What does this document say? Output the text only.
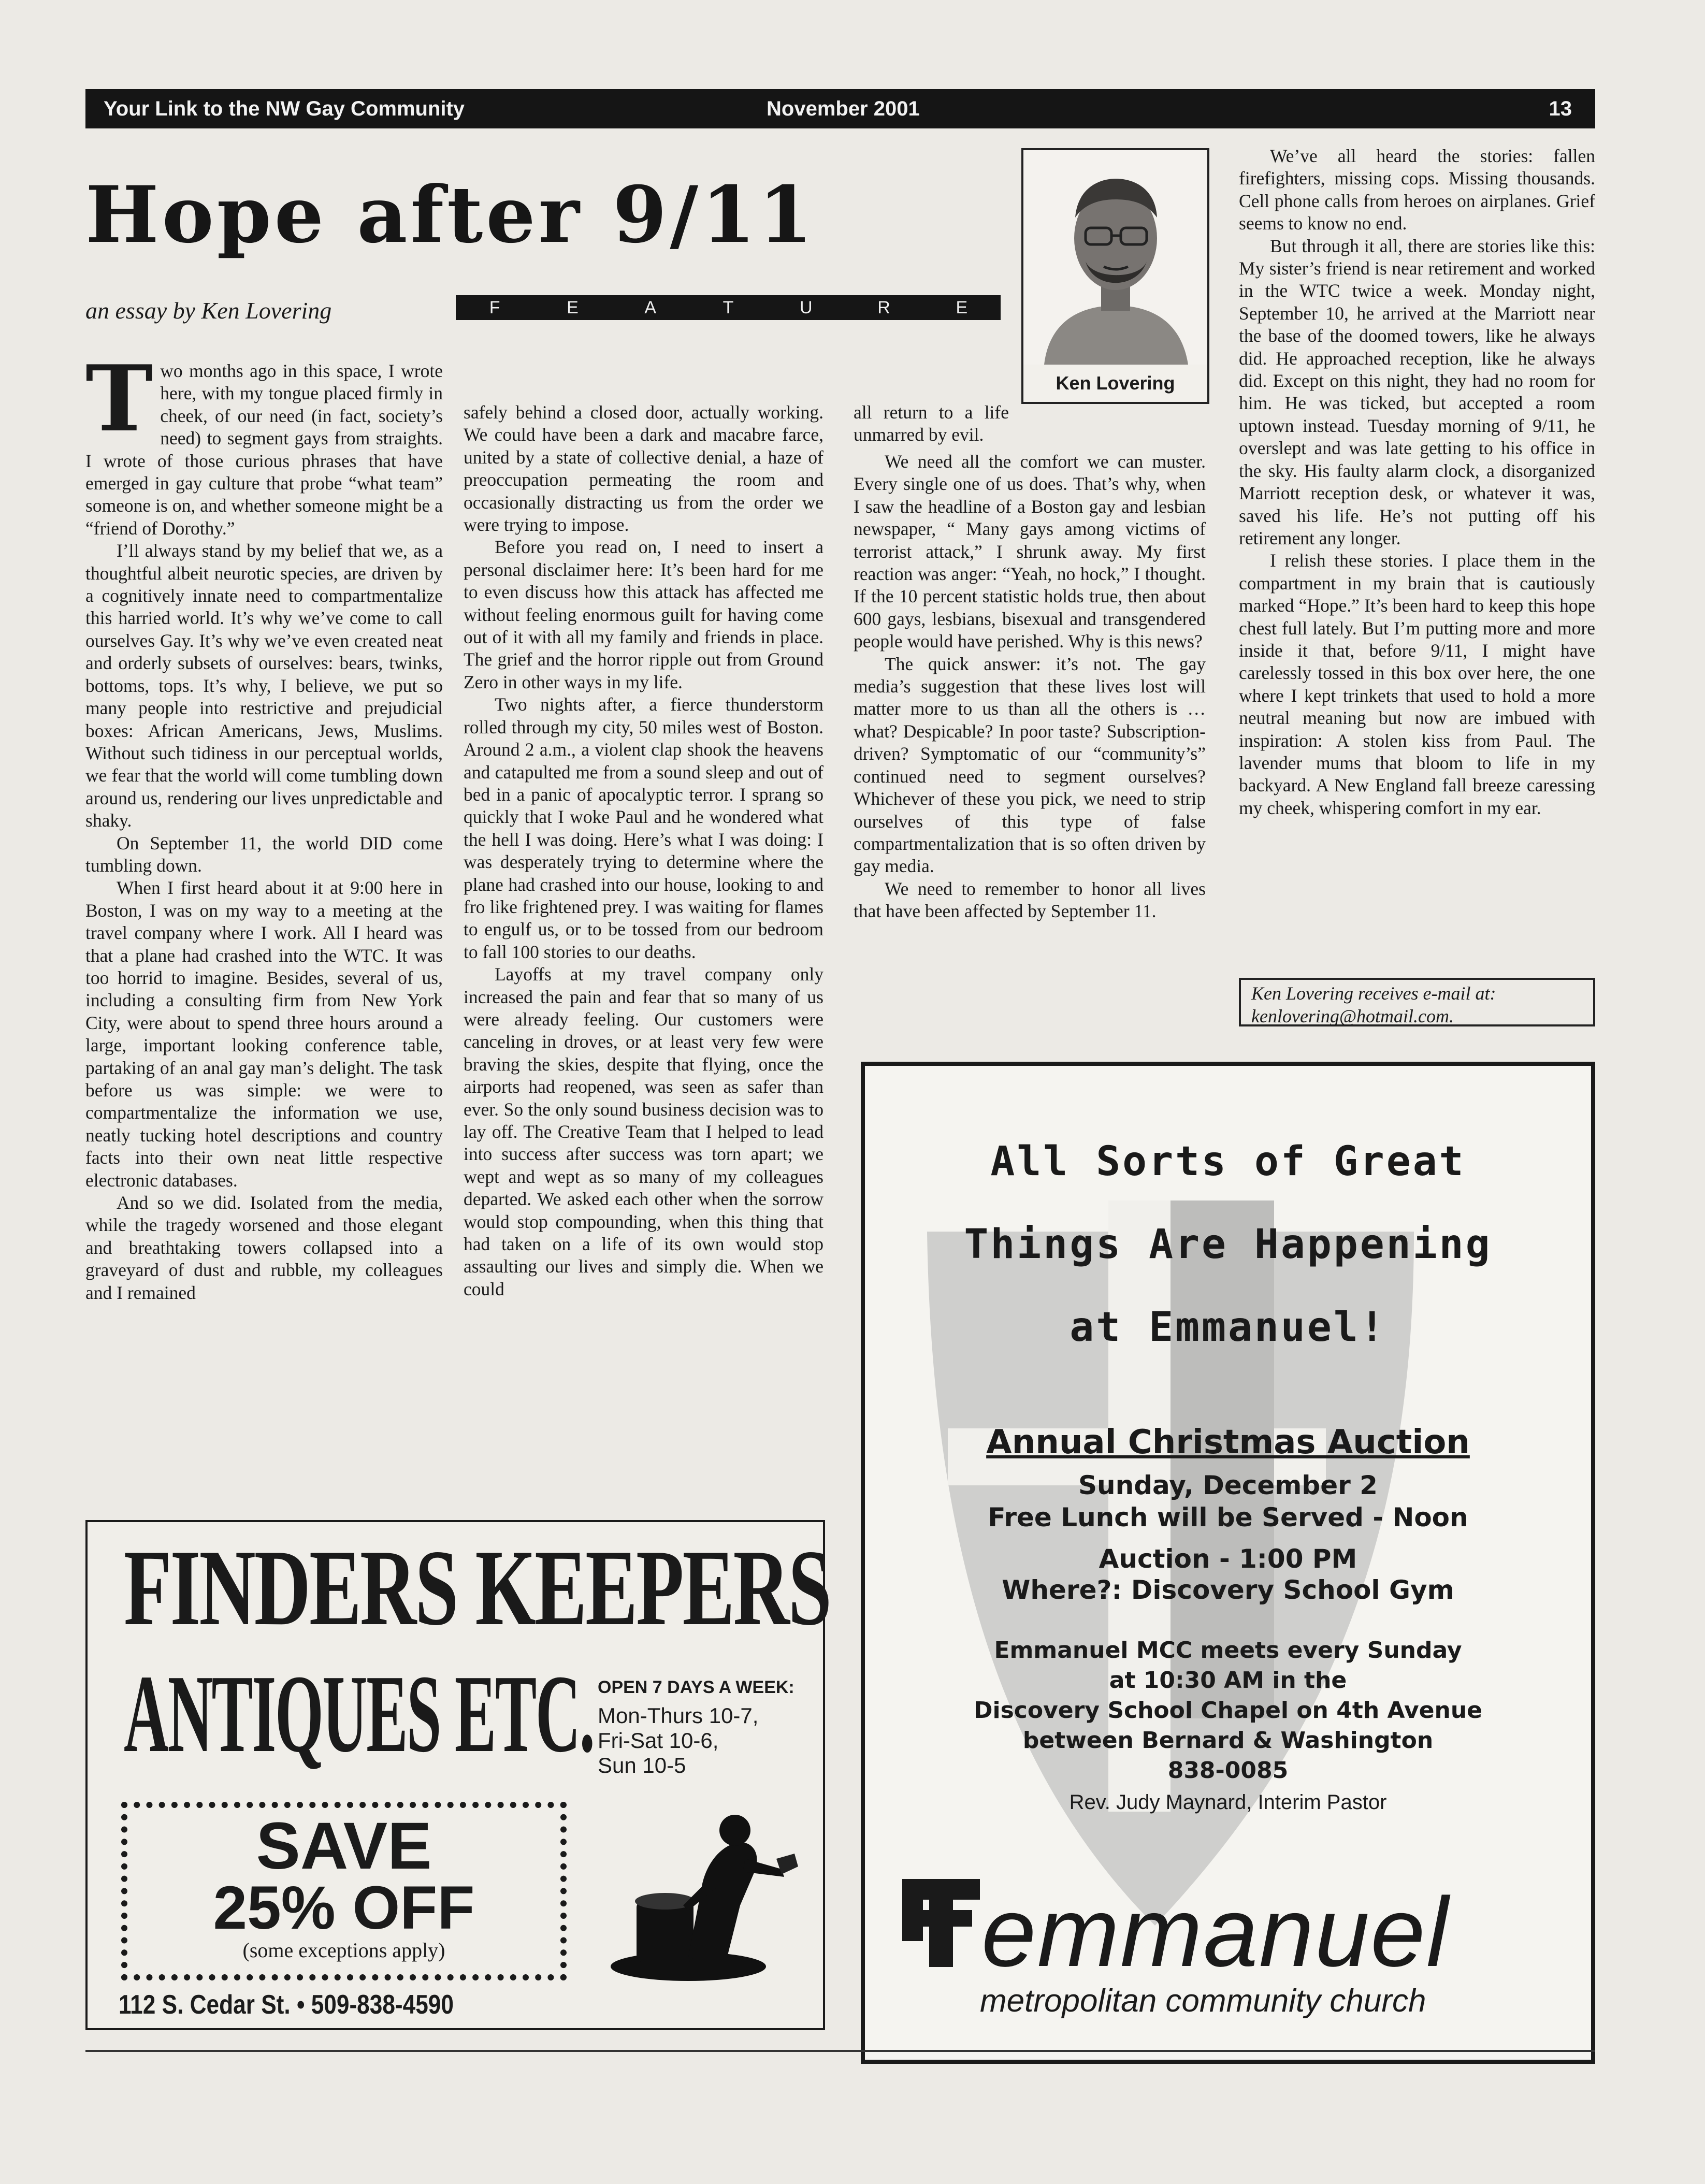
Your Link to the NW Gay Community	November 2001	13
Hope after 9/11
an essay by Ken Lovering	F	E	A	T	U	R	E
Ken Lovering
T wo months ago in this space, I wrote here, with my tongue placed firmly in cheek, of our need (in fact, society’s need) to segment gays from straights. I wrote of those curious phrases that have emerged in gay culture that probe “what team” someone is on, and whether someone might be a “friend of Dorothy.”

I’ll always stand by my belief that we, as a thoughtful albeit neurotic species, are driven by a cognitively innate need to compartmentalize this harried world. It’s why we’ve come to call ourselves Gay. It’s why we’ve even created neat and orderly subsets of ourselves: bears, twinks, bottoms, tops. It’s why, I believe, we put so many people into restrictive and prejudicial boxes: African Americans, Jews, Muslims. Without such tidiness in our perceptual worlds, we fear that the world will come tumbling down around us, rendering our lives unpredictable and shaky.

On September 11, the world DID come tumbling down.

When I first heard about it at 9:00 here in Boston, I was on my way to a meeting at the travel company where I work. All I heard was that a plane had crashed into the WTC. It was too horrid to imagine. Besides, several of us, including a consulting firm from New York City, were about to spend three hours around a large, important looking conference table, partaking of an anal gay man’s delight. The task before us was simple: we were to compartmentalize the information we use, neatly tucking hotel descriptions and country facts into their own neat little respective electronic databases.

And so we did. Isolated from the media, while the tragedy worsened and those elegant and breathtaking towers collapsed into a graveyard of dust and rubble, my colleagues and I remained

safely behind a closed door, actually working. We could have been a dark and macabre farce, united by a state of collective denial, a haze of preoccupation permeating the room and occasionally distracting us from the order we were trying to impose.

Before you read on, I need to insert a personal disclaimer here: It’s been hard for me to even discuss how this attack has affected me without feeling enormous guilt for having come out of it with all my family and friends in place. The grief and the horror ripple out from Ground Zero in other ways in my life.

Two nights after, a fierce thunderstorm rolled through my city, 50 miles west of Boston. Around 2 a.m., a violent clap shook the heavens and catapulted me from a sound sleep and out of bed in a panic of apocalyptic terror. I sprang so quickly that I woke Paul and he wondered what the hell I was doing. Here’s what I was doing: I was desperately trying to determine where the plane had crashed into our house, looking to and fro like frightened prey. I was waiting for flames to engulf us, or to be tossed from our bedroom to fall 100 stories to our deaths.

Layoffs at my travel company only increased the pain and fear that so many of us were already feeling. Our customers were canceling in droves, or at least very few were braving the skies, despite that flying, once the airports had reopened, was seen as safer than ever. So the only sound business decision was to lay off. The Creative Team that I helped to lead into success after success was torn apart; we wept and wept as so many of my colleagues departed. We asked each other when the sorrow would stop compounding, when this thing that had taken on a life of its own would stop assaulting our lives and simply die. When we could

all return to a life unmarred by evil.

We need all the comfort we can muster. Every single one of us does. That’s why, when I saw the headline of a Boston gay and lesbian newspaper, “ Many gays among victims of terrorist attack,” I shrunk away. My first reaction was anger: “Yeah, no hock,” I thought. If the 10 percent statistic holds true, then about 600 gays, lesbians, bisexual and transgendered people would have perished. Why is this news?

The quick answer: it’s not. The gay media’s suggestion that these lives lost will matter more to us than all the others is … what? Despicable? In poor taste? Subscription-driven? Symptomatic of our “community’s” continued need to segment ourselves? Whichever of these you pick, we need to strip ourselves of this type of false compartmentalization that is so often driven by gay media.

We need to remember to honor all lives that have been affected by September 11.

We’ve all heard the stories: fallen firefighters, missing cops. Missing thousands. Cell phone calls from heroes on airplanes. Grief seems to know no end.

But through it all, there are stories like this: My sister’s friend is near retirement and worked in the WTC twice a week. Monday night, September 10, he arrived at the Marriott near the base of the doomed towers, like he always did. He approached reception, like he always did. Except on this night, they had no room for him. He was ticked, but accepted a room uptown instead. Tuesday morning of 9/11, he overslept and was late getting to his office in the sky. His faulty alarm clock, a disorganized Marriott reception desk, or whatever it was, saved his life. He’s not putting off his retirement any longer.

I relish these stories. I place them in the compartment in my brain that is cautiously marked “Hope.” It’s been hard to keep this hope chest full lately. But I’m putting more and more inside it that, before 9/11, I might have carelessly tossed in this box over here, the one where I kept trinkets that used to hold a more neutral meaning but now are imbued with inspiration: A stolen kiss from Paul. The lavender mums that bloom to life in my backyard. A New England fall breeze caressing my cheek, whispering comfort in my ear.

Ken Lovering receives e-mail at:
kenlovering@hotmail.com.
All Sorts of Great
Things Are Happening
at Emmanuel!
Annual Christmas Auction
Sunday, December 2
Free Lunch will be Served - Noon
Auction - 1:00 PM
Where?: Discovery School Gym
Emmanuel MCC meets every Sunday
at 10:30 AM in the
Discovery School Chapel on 4th Avenue
between Bernard & Washington
838-0085
Rev. Judy Maynard, Interim Pastor
emmanuel
metropolitan community church
FINDERS KEEPERS
ANTIQUES ETC. OPEN 7 DAYS A WEEK:
Mon-Thurs 10-7,
Fri-Sat 10-6,
Sun 10-5
SAVE
25% OFF
(some exceptions apply)
112 S. Cedar St. • 509-838-4590
